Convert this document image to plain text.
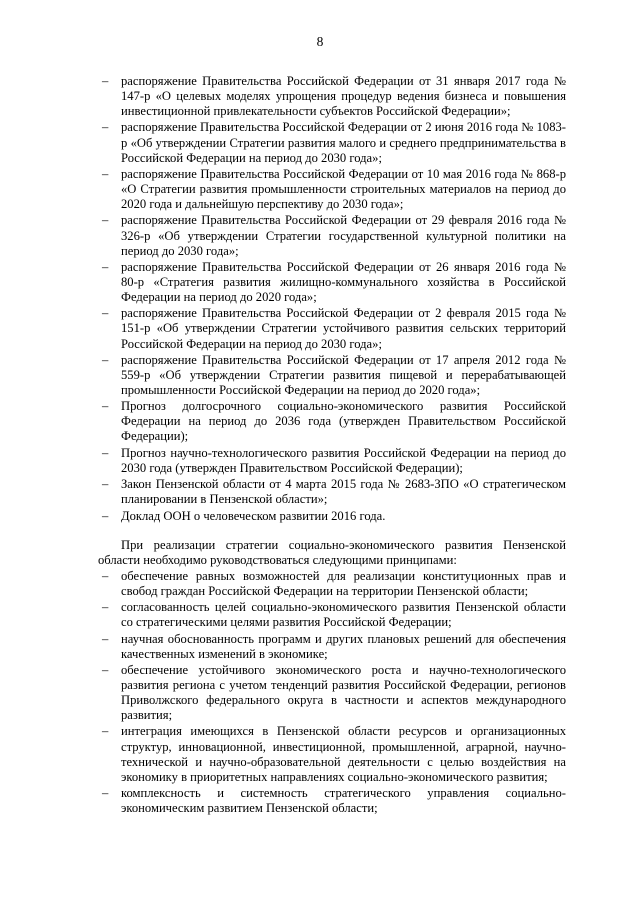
8
– распоряжение Правительства Российской Федерации от 31 января 2017 года № 147-р «О целевых моделях упрощения процедур ведения бизнеса и повышения инвестиционной привлекательности субъектов Российской Федерации»;
– распоряжение Правительства Российской Федерации от 2 июня 2016 года № 1083-р «Об утверждении Стратегии развития малого и среднего предпринимательства в Российской Федерации на период до 2030 года»;
– распоряжение Правительства Российской Федерации от 10 мая 2016 года № 868-р «О Стратегии развития промышленности строительных материалов на период до 2020 года и дальнейшую перспективу до 2030 года»;
– распоряжение Правительства Российской Федерации от 29 февраля 2016 года № 326-р «Об утверждении Стратегии государственной культурной политики на период до 2030 года»;
– распоряжение Правительства Российской Федерации от 26 января 2016 года № 80-р «Стратегия развития жилищно-коммунального хозяйства в Российской Федерации на период до 2020 года»;
– распоряжение Правительства Российской Федерации от 2 февраля 2015 года № 151-р «Об утверждении Стратегии устойчивого развития сельских территорий Российской Федерации на период до 2030 года»;
– распоряжение Правительства Российской Федерации от 17 апреля 2012 года № 559-р «Об утверждении Стратегии развития пищевой и перерабатывающей промышленности Российской Федерации на период до 2020 года»;
– Прогноз долгосрочного социально-экономического развития Российской Федерации на период до 2036 года (утвержден Правительством Российской Федерации);
– Прогноз научно-технологического развития Российской Федерации на период до 2030 года (утвержден Правительством Российской Федерации);
– Закон Пензенской области от 4 марта 2015 года № 2683-ЗПО «О стратегическом планировании в Пензенской области»;
– Доклад ООН о человеческом развитии 2016 года.

При реализации стратегии социально-экономического развития Пензенской области необходимо руководствоваться следующими принципами:

– обеспечение равных возможностей для реализации конституционных прав и свобод граждан Российской Федерации на территории Пензенской области;
– согласованность целей социально-экономического развития Пензенской области со стратегическими целями развития Российской Федерации;
– научная обоснованность программ и других плановых решений для обеспечения качественных изменений в экономике;
– обеспечение устойчивого экономического роста и научно-технологического развития региона с учетом тенденций развития Российской Федерации, регионов Приволжского федерального округа в частности и аспектов международного развития;
– интеграция имеющихся в Пензенской области ресурсов и организационных структур, инновационной, инвестиционной, промышленной, аграрной, научно-технической и научно-образовательной деятельности с целью воздействия на экономику в приоритетных направлениях социально-экономического развития;
– комплексность и системность стратегического управления социально-экономическим развитием Пензенской области;
